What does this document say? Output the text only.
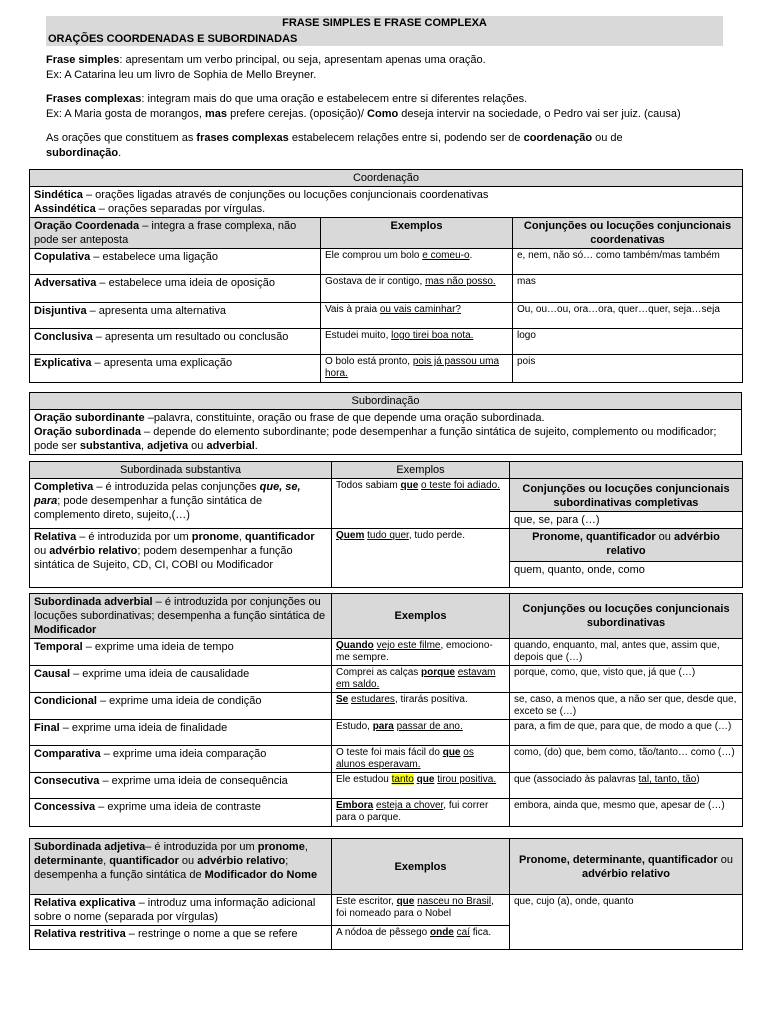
FRASE SIMPLES E FRASE COMPLEXA
ORAÇÕES COORDENADAS E SUBORDINADAS
Frase simples: apresentam um verbo principal, ou seja, apresentam apenas uma oração.
Ex: A Catarina leu um livro de Sophia de Mello Breyner.
Frases complexas: integram mais do que uma oração e estabelecem entre si diferentes relações.
Ex: A Maria gosta de morangos, mas prefere cerejas. (oposição)/ Como deseja intervir na sociedade, o Pedro vai ser juiz. (causa)
As orações que constituem as frases complexas estabelecem relações entre si, podendo ser de coordenação ou de
subordinação.
Coordenação		
Sindética – orações ligadas através de conjunções ou locuções conjuncionais coordenativas
Assindética – orações separadas por vírgulas.		
Oração Coordenada – integra a frase complexa, não pode ser anteposta	Exemplos	Conjunções ou locuções conjuncionais coordenativas
Copulativa – estabelece uma ligação	Ele comprou um bolo e comeu-o.	e, nem, não só… como também/mas também
Adversativa – estabelece uma ideia de oposição	Gostava de ir contigo, mas não posso.	mas
Disjuntiva – apresenta uma alternativa	Vais à praia ou vais caminhar?	Ou, ou…ou, ora…ora, quer…quer, seja…seja
Conclusiva – apresenta um resultado ou conclusão	Estudei muito, logo tirei boa nota.	logo
Explicativa – apresenta uma explicação	O bolo está pronto, pois já passou uma hora.	pois
Subordinação
Oração subordinante –palavra, constituinte, oração ou frase de que depende uma oração subordinada.
Oração subordinada – depende do elemento subordinante; pode desempenhar a função sintática de sujeito, complemento ou modificador; pode ser substantiva, adjetiva ou adverbial.
Subordinada substantiva	Exemplos	
Completiva – é introduzida pelas conjunções que, se, para; pode desempenhar a função sintática de complemento direto, sujeito,(…)	Todos sabiam que o teste foi adiado.	Conjunções ou locuções conjuncionais subordinativas completivas
		que, se, para (…)
Relativa – é introduzida por um pronome, quantificador ou advérbio relativo; podem desempenhar a função sintática de Sujeito, CD, CI, COBl ou Modificador	Quem tudo quer, tudo perde.	Pronome, quantificador ou advérbio relativo
		quem, quanto, onde, como
Subordinada adverbial – é introduzida por conjunções ou locuções subordinativas; desempenha a função sintática de Modificador	Exemplos	Conjunções ou locuções conjuncionais subordinativas
Temporal – exprime uma ideia de tempo	Quando vejo este filme, emociono-me sempre.	quando, enquanto, mal, antes que, assim que, depois que (…)
Causal – exprime uma ideia de causalidade	Comprei as calças porque estavam em saldo.	porque, como, que, visto que, já que (…)
Condicional – exprime uma ideia de condição	Se estudares, tirarás positiva.	se, caso, a menos que, a não ser que, desde que, exceto se (…)
Final – exprime uma ideia de finalidade	Estudo, para passar de ano.	para, a fim de que, para que, de modo a que (…)
Comparativa – exprime uma ideia comparação	O teste foi mais fácil do que os alunos esperavam.	como, (do) que, bem como, tão/tanto… como (…)
Consecutiva – exprime uma ideia de consequência	Ele estudou tanto que tirou positiva.	que (associado às palavras tal, tanto, tão)
Concessiva – exprime uma ideia de contraste	Embora esteja a chover, fui correr para o parque.	embora, ainda que, mesmo que, apesar de (…)
Subordinada adjetiva– é introduzida por um pronome, determinante, quantificador ou advérbio relativo; desempenha a função sintática de Modificador do Nome	Exemplos	Pronome, determinante, quantificador ou advérbio relativo
Relativa explicativa – introduz uma informação adicional sobre o nome (separada por vírgulas)	Este escritor, que nasceu no Brasil, foi nomeado para o Nobel	que, cujo (a), onde, quanto
Relativa restritiva – restringe o nome a que se refere	A nódoa de pêssego onde caí fica.	
